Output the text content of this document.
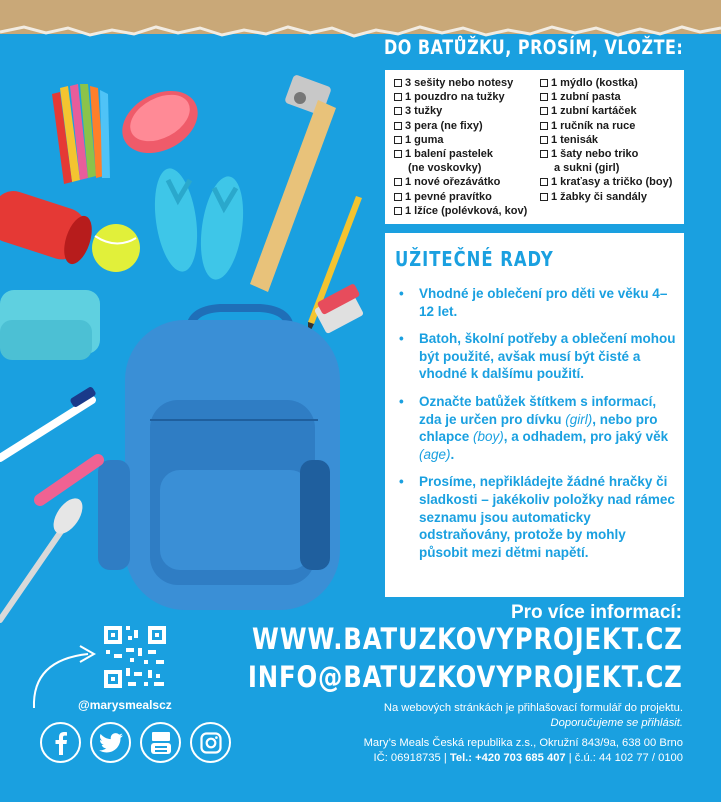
DO BATŮŽKU, PROSÍM, VLOŽTE:
3 sešity nebo notesy
1 pouzdro na tužky
3 tužky
3 pera (ne fixy)
1 guma
1 balení pastelek
(ne voskovky)
1 nové ořezávátko
1 pevné pravítko
1 lžíce (polévková, kov)
1 mýdlo (kostka)
1 zubní pasta
1 zubní kartáček
1 ručník na ruce
1 tenisák
1 šaty nebo triko
a sukni (girl)
1 kraťasy a tričko (boy)
1 žabky či sandály
UŽITEČNÉ RADY
• Vhodné je oblečení pro děti ve věku 4–12 let.
• Batoh, školní potřeby a oblečení mohou být použité, avšak musí být čisté a vhodné k dalšímu použití.
• Označte batůžek štítkem s informací, zda je určen pro dívku (girl), nebo pro chlapce (boy), a odhadem, pro jaký věk (age).
• Prosíme, nepřikládejte žádné hračky či sladkosti – jakékoliv položky nad rámec seznamu jsou automaticky odstraňovány, protože by mohly působit mezi dětmi napětí.
Pro více informací:
WWW.BATUZKOVYPROJEKT.CZ
INFO@BATUZKOVYPROJEKT.CZ
Na webových stránkách je přihlašovací formulář do projektu.
Doporučujeme se přihlásit.
Mary’s Meals Česká republika z.s., Okružní 843/9a, 638 00 Brno
IČ: 06918735 | Tel.: +420 703 685 407 | č.ú.: 44 102 77 / 0100
@marysmealscz
